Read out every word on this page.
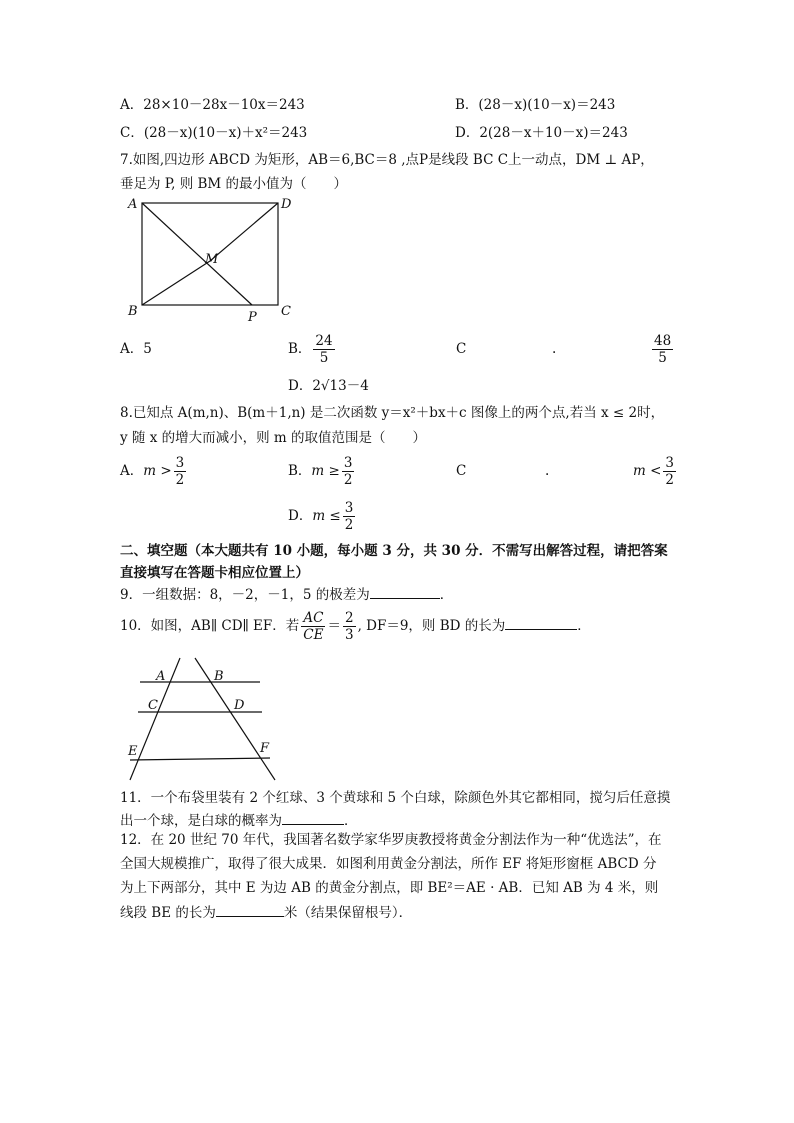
A．28×10－28x－10x＝243	B．(28－x)(10－x)＝243
C．(28－x)(10－x)＋x²＝243	D．2(28－x＋10－x)＝243
7.如图,四边形 ABCD 为矩形，AB＝6,BC＝8 ,点P是线段 BC C上一动点，DM ⊥ AP，
垂足为 P, 则 BM 的最小值为（　　）
A	D
B	C
M
P
A．5	B． $\frac{24}{5}$	C	.	$\frac{48}{5}$
D．2√13－4
8.已知点 A(m,n)、B(m＋1,n) 是二次函数 y＝x²＋bx＋c 图像上的两个点,若当 x ≤ 2时，
y 随 x 的增大而减小，则 m 的取值范围是（　　）
A．$m > \frac{3}{2}$	B．$m \ge \frac{3}{2}$	C	.	$m < \frac{3}{2}$
D．$m \le \frac{3}{2}$
二、填空题（本大题共有 10 小题，每小题 3 分，共 30 分．不需写出解答过程，请把答案
直接填写在答题卡相应位置上）
9．一组数据：8，－2，－1，5 的极差为	．
10．如图，AB∥ CD∥ EF．若 $\frac{AC}{CE} = \frac{2}{3}$ , DF＝9，则 BD 的长为	．
A	B
C	D
E	F
11．一个布袋里装有 2 个红球、3 个黄球和 5 个白球，除颜色外其它都相同，搅匀后任意摸
出一个球，是白球的概率为	．
12．在 20 世纪 70 年代，我国著名数学家华罗庚教授将黄金分割法作为一种“优选法”，在
全国大规模推广，取得了很大成果．如图利用黄金分割法，所作 EF 将矩形窗框 ABCD 分
为上下两部分，其中 E 为边 AB 的黄金分割点，即 BE²＝AE · AB．已知 AB 为 4 米，则
线段 BE 的长为	米（结果保留根号）．
